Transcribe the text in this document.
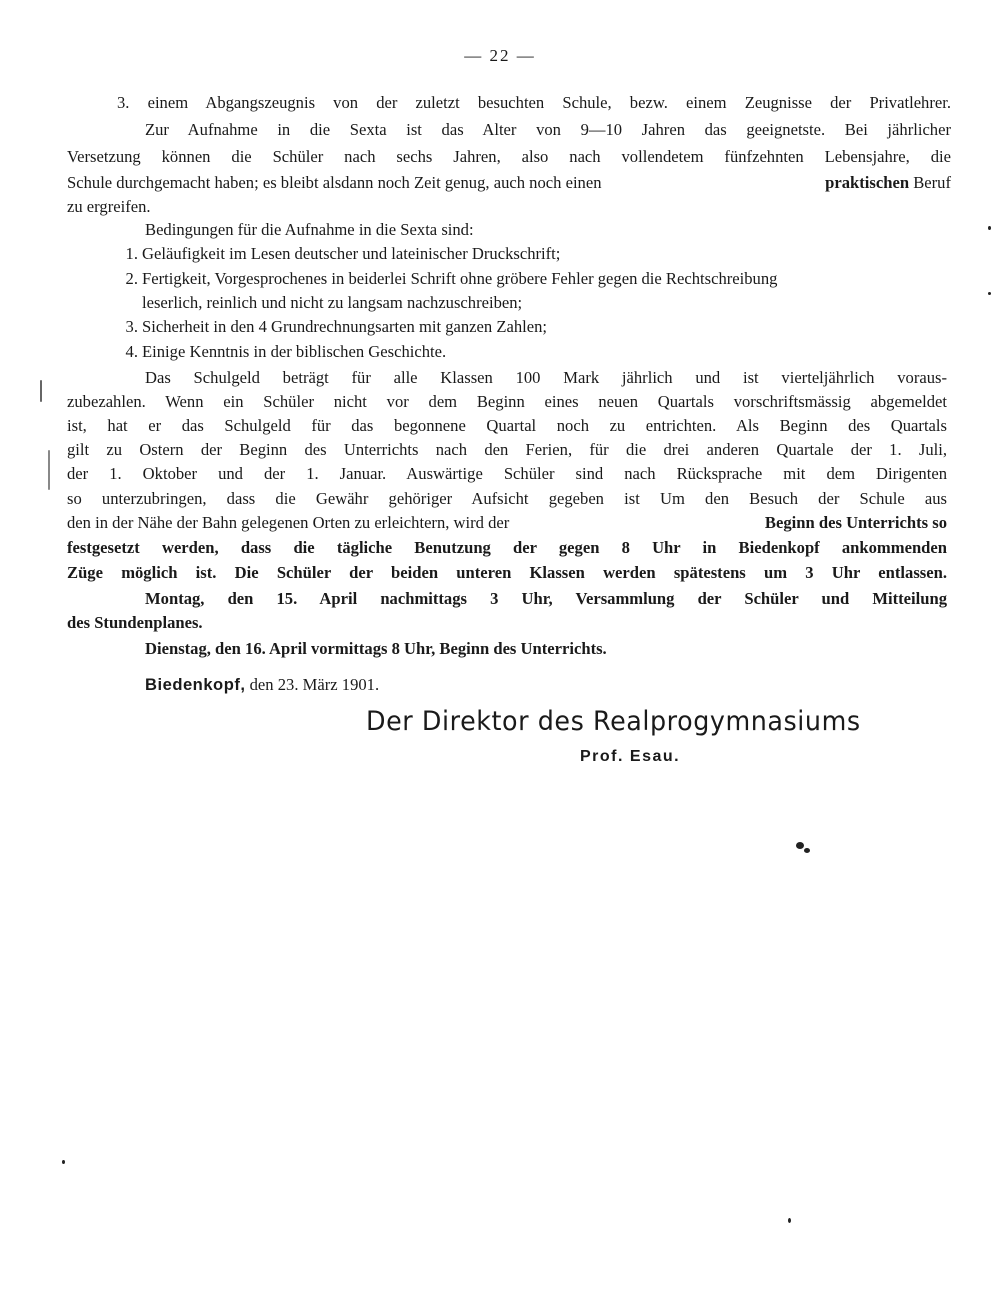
— 22 —
3. einem Abgangszeugnis von der zuletzt besuchten Schule, bezw. einem Zeugnisse der Privatlehrer.
Zur Aufnahme in die Sexta ist das Alter von 9—10 Jahren das geeignetste. Bei jährlicher
Versetzung können die Schüler nach sechs Jahren, also nach vollendetem fünfzehnten Lebensjahre, die
Schule durchgemacht haben; es bleibt alsdann noch Zeit genug, auch noch einen	praktischen Beruf
zu ergreifen.
Bedingungen für die Aufnahme in die Sexta sind:
1. Geläufigkeit im Lesen deutscher und lateinischer Druckschrift;
2. Fertigkeit, Vorgesprochenes in beiderlei Schrift ohne gröbere Fehler gegen die Rechtschreibung
leserlich, reinlich und nicht zu langsam nachzuschreiben;
3. Sicherheit in den 4 Grundrechnungsarten mit ganzen Zahlen;
4. Einige Kenntnis in der biblischen Geschichte.
Das Schulgeld beträgt für alle Klassen 100 Mark jährlich und ist vierteljährlich voraus-
zubezahlen. Wenn ein Schüler nicht vor dem Beginn eines neuen Quartals vorschriftsmässig abgemeldet
ist, hat er das Schulgeld für das begonnene Quartal noch zu entrichten. Als Beginn des Quartals
gilt zu Ostern der Beginn des Unterrichts nach den Ferien, für die drei anderen Quartale der 1. Juli,
der 1. Oktober und der 1. Januar. Auswärtige Schüler sind nach Rücksprache mit dem Dirigenten
so unterzubringen, dass die Gewähr gehöriger Aufsicht gegeben ist Um den Besuch der Schule aus
den in der Nähe der Bahn gelegenen Orten zu erleichtern, wird der	Beginn des Unterrichts so
festgesetzt werden, dass die tägliche Benutzung der gegen 8 Uhr in Biedenkopf ankommenden
Züge möglich ist. Die Schüler der beiden unteren Klassen werden spätestens um 3 Uhr entlassen.
Montag, den 15. April nachmittags 3 Uhr, Versammlung der Schüler und Mitteilung
des Stundenplanes.
Dienstag, den 16. April vormittags 8 Uhr, Beginn des Unterrichts.
Biedenkopf, den 23. März 1901.
Der Direktor des Realprogymnasiums
Prof. Esau.
